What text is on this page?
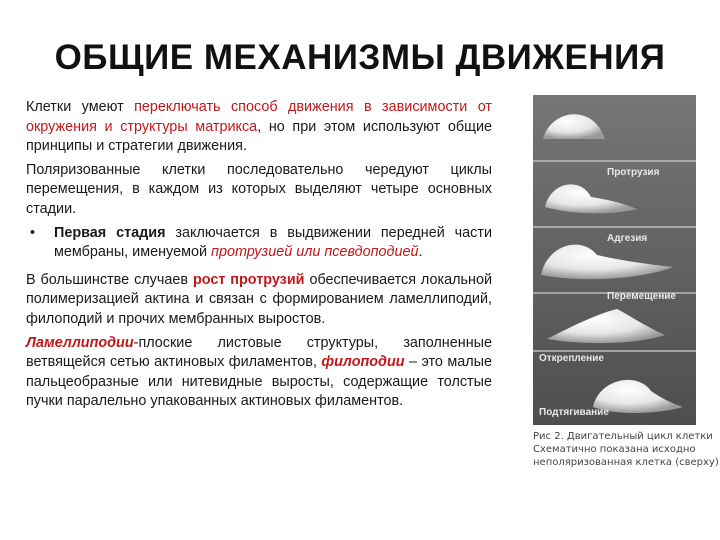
ОБЩИЕ МЕХАНИЗМЫ ДВИЖЕНИЯ

Клетки умеют переключать способ движения в зависимости от окружения и структуры матрикса, но при этом используют общие принципы и стратегии движения.

Поляризованные клетки последовательно чередуют циклы перемещения, в каждом из которых выделяют четыре основных стадии.

• Первая стадия заключается в выдвижении передней части мембраны, именуемой протрузией или псевдоподией.

В большинстве случаев рост протрузий обеспечивается локальной полимеризацией актина и связан с формированием ламеллиподий, филоподий и прочих мембранных выростов.

Ламеллиподии-плоские листовые структуры, заполненные ветвящейся сетью актиновых филаментов, филоподии – это малые пальцеобразные или нитевидные выросты, содержащие толстые пучки паралельно упакованных актиновых филаментов.

Протрузия
Адгезия
Перемещение
Открепление
Подтягивание
Рис 2. Двигательный цикл клетки
Схематично показана исходно
неполяризованная клетка (сверху)
